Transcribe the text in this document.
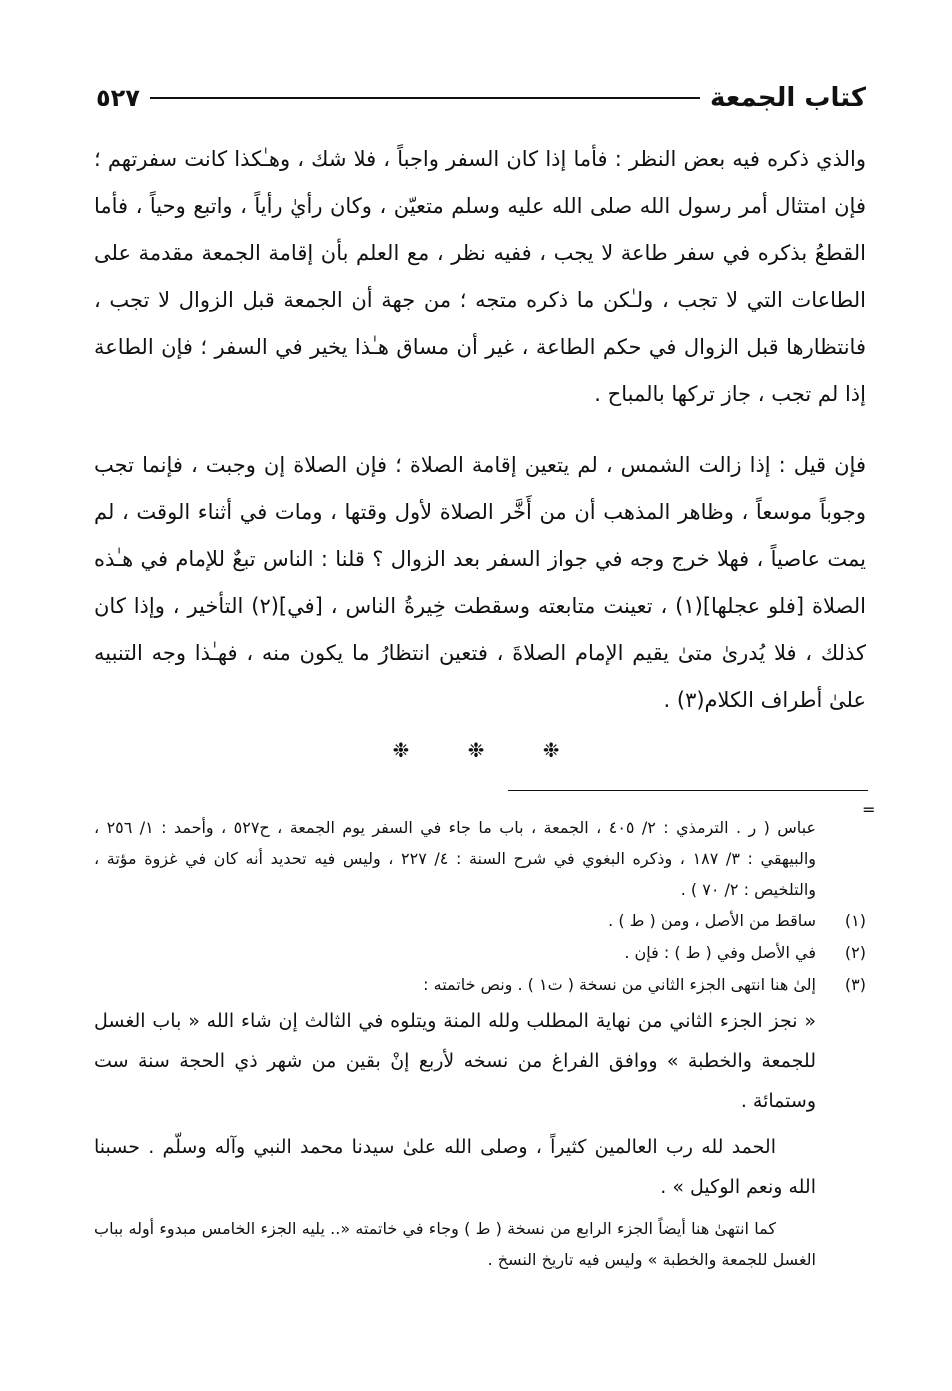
كتاب الجمعة
٥٢٧

والذي ذكره فيه بعض النظر : فأما إذا كان السفر واجباً ، فلا شك ، وهـٰكذا كانت سفرتهم ؛ فإن امتثال أمر رسول الله صلى الله عليه وسلم متعيّن ، وكان رأيٰ رأياً ، واتبع وحياً ، فأما القطعُ بذكره في سفر طاعة لا يجب ، ففيه نظر ، مع العلم بأن إقامة الجمعة مقدمة على الطاعات التي لا تجب ، ولـٰكن ما ذكره متجه ؛ من جهة أن الجمعة قبل الزوال لا تجب ، فانتظارها قبل الزوال في حكم الطاعة ، غير أن مساق هـٰذا يخير في السفر ؛ فإن الطاعة إذا لم تجب ، جاز تركها بالمباح .

فإن قيل : إذا زالت الشمس ، لم يتعين إقامة الصلاة ؛ فإن الصلاة إن وجبت ، فإنما تجب وجوباً موسعاً ، وظاهر المذهب أن من أَخَّر الصلاة لأول وقتها ، ومات في أثناء الوقت ، لم يمت عاصياً ، فهلا خرج وجه في جواز السفر بعد الزوال ؟ قلنا : الناس تبعٌ للإمام في هـٰذه الصلاة [فلو عجلها](١) ، تعينت متابعته وسقطت خِيرةُ الناس ، [في](٢) التأخير ، وإذا كان كذلك ، فلا يُدرىٰ متىٰ يقيم الإمام الصلاةَ ، فتعين انتظارُ ما يكون منه ، فهـٰذا وجه التنبيه علىٰ أطراف الكلام(٣) .

❉ ❉ ❉
=

عباس ( ر . الترمذي : ٢/ ٤٠٥ ، الجمعة ، باب ما جاء في السفر يوم الجمعة ، ح٥٢٧ ، وأحمد : ١/ ٢٥٦ ، والبيهقي : ٣/ ١٨٧ ، وذكره البغوي في شرح السنة : ٤/ ٢٢٧ ، وليس فيه تحديد أنه كان في غزوة مؤتة ، والتلخيص : ٢/ ٧٠ ) .

(١)
ساقط من الأصل ، ومن ( ط ) .
(٢)
في الأصل وفي ( ط ) : فإن .
(٣)
إلىٰ هنا انتهى الجزء الثاني من نسخة ( ت١ ) . ونص خاتمته :

« نجز الجزء الثاني من نهاية المطلب ولله المنة ويتلوه في الثالث إن شاء الله « باب الغسل للجمعة والخطبة » ووافق الفراغ من نسخه لأربع إنْ بقين من شهر ذي الحجة سنة ست وستمائة .

الحمد لله رب العالمين كثيراً ، وصلى الله علىٰ سيدنا محمد النبي وآله وسلّم . حسبنا الله ونعم الوكيل » .

كما انتهىٰ هنا أيضاً الجزء الرابع من نسخة ( ط ) وجاء في خاتمته «.. يليه الجزء الخامس مبدوء أوله بباب الغسل للجمعة والخطبة » وليس فيه تاريخ النسخ .
